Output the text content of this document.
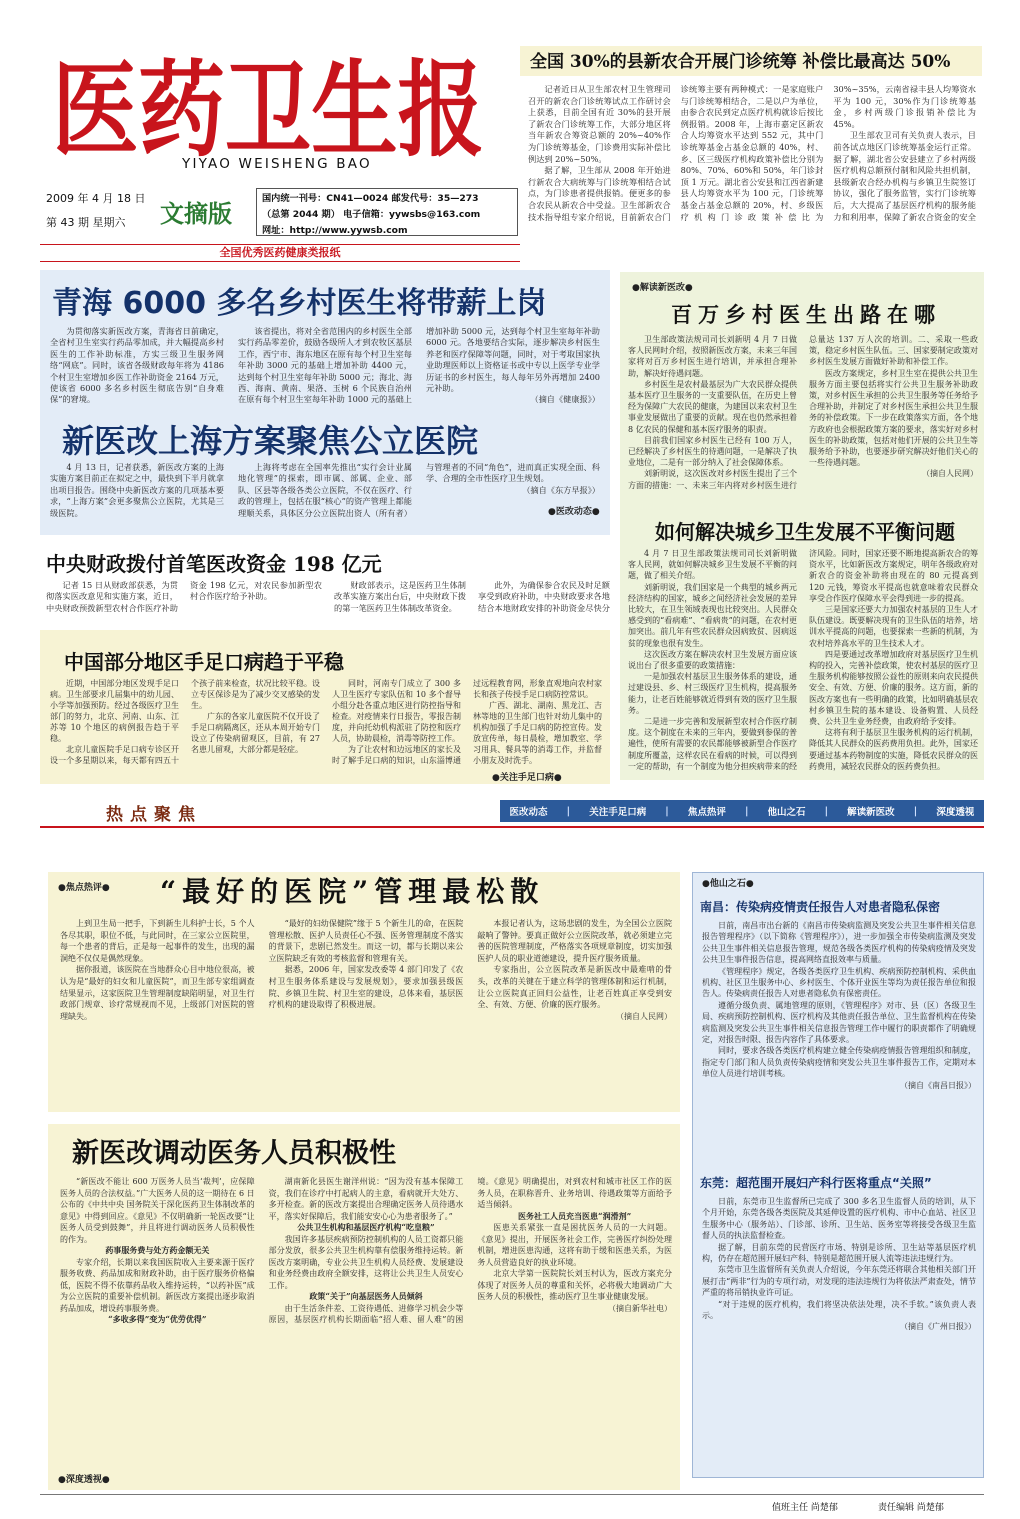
医药卫生报
YIYAO WEISHENG BAO
2009 年 4 月 18 日
第 43 期 星期六 文摘版
国内统一刊号：CN41—0024 邮发代号：35—273
（总第 2044 期） 电子信箱：yywsbs@163.com
网址：http://www.yywsb.com
全国优秀医药健康类报纸
全国 30%的县新农合开展门诊统筹 补偿比最高达 50%

记者近日从卫生部农村卫生管理司召开的新农合门诊统筹试点工作研讨会上获悉，目前全国有近 30%的县开展了新农合门诊统筹工作，大部分地区将当年新农合筹资总额的 20%~40%作为门诊统筹基金，门诊费用实际补偿比例达到 20%~50%。

据了解，卫生部从 2008 年开始进行新农合大病统筹与门诊统筹相结合试点，为门诊患者提供报销。便更多的参合农民从新农合中受益。卫生部新农合技术指导组专家介绍说，目前新农合门诊统筹主要有两种模式：一是家庭账户与门诊统筹相结合，二是以户为单位，由参合农民到定点医疗机构就诊后按比例报销。2008 年，上海市嘉定区新农合人均筹资水平达到 552 元，其中门诊统筹基金占基金总额的 40%，村、乡、区三级医疗机构政策补偿比分别为 80%、70%、60%和 50%，年门诊封顶 1 万元。湖北省公安县和江西省新建县人均筹资水平为 100 元，门诊统筹基金占基金总额的 20%，村、乡级医疗机构门诊政策补偿比为 30%~35%，云南省禄丰县人均筹资水平为 100 元，30%作为门诊统筹基金，乡村两级门诊报销补偿比为 45%。

卫生部农卫司有关负责人表示，目前各试点地区门诊统筹基金运行正常。据了解，湖北省公安县建立了乡村两级医疗机构总额预付制和风险共担机制，县级新农合经办机构与乡镇卫生院签订协议，强化了服务监管，实行门诊统筹后，大大提高了基层医疗机构的服务能力和利用率，保障了新农合资金的安全

青海 6000 多名乡村医生将带薪上岗

为贯彻落实新医改方案，青海省日前确定，全省村卫生室实行药品零加成，并大幅提高乡村医生的工作补助标准，方实三级卫生服务网络“网底”。同时，该省各级财政每年将为 4186 个村卫生室增加乡医工作补助资金 2164 万元，使该省 6000 多名乡村医生彻底告别“自身难保”的窘境。

该省提出，将对全省范围内的乡村医生全部实行药品零差价，鼓励各级所人才到农牧区基层工作，西宁市、海东地区在原有每个村卫生室每年补助 3000 元的基础上增加补助 4400 元，达到每个村卫生室每年补助 5000 元；海北、海西、海南、黄南、果洛、玉树 6 个民族自治州在原有每个村卫生室每年补助 1000 元的基础上增加补助 5000 元，达到每个村卫生室每年补助 6000 元。各地要结合实际，逐步解决乡村医生养老和医疗保障等问题，同时，对于考取国家执业助理医师以上资格证书或中专以上医学专业学历证书的乡村医生，每人每年另外再增加 2400 元补助。

（摘自《健康报》）

新医改上海方案聚焦公立医院

4 月 13 日，记者获悉，新医改方案的上海实施方案目前正在拟定之中，最快到下半月就拿出项目报告。围绕中央新医改方案的几项基本要求，“上海方案”会更多聚焦公立医院，尤其是三级医院。

上海将考虑在全国率先推出“实行会计业属地化管理”的探索，即市属、部属、企业、部队、区县等各级各类公立医院，不仅在医疗、行政的管理上，包括在服“核心”的资产管理上都能理顺关系，具体区分公立医院出资人（所有者）与管理者的不同“角色”，进而真正实现全面、科学、合理的全市性医疗卫生规划。

（摘自《东方早报》）

●医改动态●
中央财政拨付首笔医改资金 198 亿元

记者 15 日从财政部获悉，为贯彻落实医改意见和实施方案，近日，中央财政预拨新型农村合作医疗补助资金 198 亿元，对农民参加新型农村合作医疗给予补助。

财政部表示，这是医药卫生体制改革实施方案出台后，中央财政下拨的第一笔医药卫生体制改革资金。

此外，为确保参合农民及时足额享受到政府补助，中央财政要求各地结合本地财政安排的补助资金尽快分

中国部分地区手足口病趋于平稳

近期，中国部分地区发现手足口病。卫生部要求几届集中的幼儿园、小学等加强预防。经过各级医疗卫生部门的努力，北京、河南、山东、江苏等 10 个地区的病例报告趋于平稳。

北京儿童医院手足口病专诊区开设一个多星期以来，每天都有四五十个孩子前来检查，状况比较平稳。设立专区保诊是为了减少交叉感染的发生。

广东的各家儿童医院不仅开设了手足口病隔离区，还从本周开始专门设立了传染病留观区，目前，有 27 名患儿留观，大部分都是轻症。

同时，河南专门成立了 300 多人卫生医疗专家队伍和 10 多个督导小组分赴各重点地区进行防控指导和检查。对疫情来行日报告，零报告制度，并向托幼机构派驻了防控和医疗人员，协助晨检，消毒等防控工作。

为了让农村和边远地区的家长及时了解手足口病的知识，山东淄博通过远程教育网，形象直观地向农村家长和孩子传授手足口病防控常识。

广西、湖北、湖南、黑龙江、吉林等地的卫生部门也针对幼儿集中的机构加强了手足口病的防控宣传。发放宣传单，每日晨检，增加教室、学习用具、餐具等的消毒工作，并监督小朋友及时洗手。

●关注手足口病●
●解读新医改●
百万乡村医生出路在哪

卫生部政策法规司司长刘新明 4 月 7 日做客人民网时介绍，按照新医改方案，未来三年国家将对百万乡村医生进行培训，并承担合理补助，解决好待遇问题。

乡村医生是农村最基层为广大农民群众提供基本医疗卫生服务的一支重要队伍，在历史上曾经为保障广大农民的健康，为建国以来农村卫生事业发展做出了重要的贡献。现在也仍然承担着 8 亿农民的保健和基本医疗服务的职责。

目前我们国家乡村医生已经有 100 万人，已经解决了乡村医生的待遇问题，一是解决了执业地位，二是有一部分纳入了社会保障体系。

刘新明说，这次医改对乡村医生提出了三个方面的措施：一、未来三年内将对乡村医生进行总量达 137 万人次的培训。二、采取一些政策，稳定乡村医生队伍。三、国家要制定政策对乡村医生发展方面做好补助和补偿工作。

医改方案规定，乡村卫生室在提供公共卫生服务方面主要包括将实行公共卫生服务补助政策，对乡村医生承担的公共卫生服务等任务给予合理补助，并制定了对乡村医生承担公共卫生服务的补偿政策。下一步在政策落实方面，各个地方政府也会根据政策方案的要求，落实好对乡村医生的补助政策，包括对他们开展的公共卫生等服务给予补助，也要逐步研究解决好他们关心的一些待遇问题。

（摘自人民网）

如何解决城乡卫生发展不平衡问题

4 月 7 日卫生部政策法规司司长刘新明做客人民网，就如何解决城乡卫生发展不平衡的问题，做了相关介绍。

刘新明说，我们国家是一个典型的城乡两元经济结构的国家，城乡之间经济社会发展的差异比较大，在卫生领域表现也比较突出。人民群众感受到的“看病难”、“看病贵”的问题，在农村更加突出。前几年有些农民群众因病致贫、因病返贫的现象也很有发生。

这次医改方案在解决农村卫生发展方面应该说出台了很多重要的政策措施：

一是加强农村基层卫生服务体系的建设，通过建设县、乡、村三级医疗卫生机构，提高服务能力，让老百姓能够就近得到有效的医疗卫生服务。

二是进一步完善和发展新型农村合作医疗制度。这个制度在未来的三年内，要做到参保的普遍性，使所有需要的农民都能够被新型合作医疗制度所覆盖，这样农民在看病的时候，可以得到一定的帮助，有一个制度为他分担疾病带来的经济风险。同时，国家还要不断地提高新农合的筹资水平，比如新医改方案规定，明年各级政府对新农合的资金补助将由现在的 80 元提高到 120 元钱，筹资水平提高也就意味着农民群众享受合作医疗保障水平会得到进一步的提高。

三是国家还要大力加强农村基层的卫生人才队伍建设。既要解决现有的卫生队伍的培养，培训水平提高的问题，也要探索一些新的机制，为农村培养高水平的卫生技术人才。

四是要通过改革增加政府对基层医疗卫生机构的投入，完善补偿政策，使农村基层的医疗卫生服务机构能够按照公益性的原则来向农民提供安全、有效、方便、价廉的服务。这方面，新的医改方案也有一些明确的政策，比如明确基层农村乡镇卫生院的基本建设、设备购置、人员经费、公共卫生业务经费，由政府给予安排。

这将有利于基层卫生服务机构的运行机制，降低其人民群众的医药费用负担。此外，国家还要通过基本药物制度的实施，降低农民群众的医药费用，减轻农民群众的医药费负担。

热点聚焦	医改动态 | 关注手足口病 | 焦点热评 | 他山之石 | 解读新医改 | 深度透视
●焦点热评● “最好的医院”管理最松散

上到卫生局一把手，下到新生儿科护士长，5 个人各尽其职，职位不低，与此同时，在三家公立医院里，每一个患者的背后，正是每一起事件的发生，出现的漏洞绝不仅仅是偶然现象。

据你报道，该医院在当地群众心目中地位很高，被认为是“最好的妇女和儿童医院”，而卫生部专家组调查结果显示，这家医院卫生管理制度缺陷明显，对卫生行政部门规章、诊疗常规视而不见，上级部门对医院的管理缺失。

“最好的妇幼保健院”缘于 5 个新生儿的命，在医院管理松散、医护人员责任心不强、医务管理制度不落实的背景下，悲剧已然发生。而这一切，都与长期以来公立医院缺乏有效的考核监督和管理有关。

据悉，2006 年，国家发改委等 4 部门印发了《农村卫生服务体系建设与发展规划》，要求加强县级医院、乡镇卫生院、村卫生室的建设，总体来看，基层医疗机构的建设取得了积极进展。

本报记者认为，这场悲剧的发生，为全国公立医院敲响了警钟。要真正做好公立医院改革，就必须建立完善的医院管理制度，严格落实各项规章制度，切实加强医护人员的职业道德建设，提升医疗服务质量。

专家指出，公立医院改革是新医改中最难啃的骨头，改革的关键在于建立科学的管理体制和运行机制，让公立医院真正回归公益性，让老百姓真正享受到安全、有效、方便、价廉的医疗服务。

（摘自人民网）

新医改调动医务人员积极性

“新医改不能让 600 万医务人员当‘裁判’，应保障医务人员的合法权益。”广大医务人员的这一期待在 6 日公布的《中共中央 国务院关于深化医药卫生体制改革的意见》中得到回应。《意见》不仅明确新一轮医改要“让医务人员受到鼓舞”，并且将进行调动医务人员积极性的作为。

药事服务费与处方药金额无关

专家介绍，长期以来我国医院收入主要来源于医疗服务收费、药品加成和财政补助，由于医疗服务价格偏低，医院不得不依靠药品收入维持运转，“以药补医”成为公立医院的重要补偿机制。新医改方案提出逐步取消药品加成，增设药事服务费。

“多收多得”变为“优劳优得”

湖南新化县医生谢洋州说：“因为没有基本保障工资，我们在诊疗中打起病人的主意，看病就开大处方、多开检查。新的医改方案提出合理确定医务人员待遇水平，落实好保障后，我们能安安心心为患者服务了。”

公共卫生机构和基层医疗机构“吃皇粮”

我国许多基层疾病预防控制机构的人员工资都只能部分发放，很多公共卫生机构靠有偿服务维持运转。新医改方案明确，专业公共卫生机构人员经费、发展建设和业务经费由政府全额安排，这将让公共卫生人员安心工作。

政策“关于”向基层医务人员倾斜

由于生活条件差、工资待遇低、进修学习机会少等原因，基层医疗机构长期面临“招人难、留人难”的困境。《意见》明确提出，对到农村和城市社区工作的医务人员，在职称晋升、业务培训、待遇政策等方面给予适当倾斜。

医务社工人员充当医患“润滑剂”

医患关系紧张一直是困扰医务人员的一大问题。《意见》提出，开展医务社会工作，完善医疗纠纷处理机制，增进医患沟通，这将有助于缓和医患关系，为医务人员营造良好的执业环境。

北京大学第一医院院长刘玉村认为，医改方案充分体现了对医务人员的尊重和关怀，必将极大地调动广大医务人员的积极性，推动医疗卫生事业健康发展。

（摘自新华社电）

●深度透视●
●他山之石●
南昌：传染病疫情责任报告人对患者隐私保密

日前，南昌市出台新的《南昌市传染病监测及突发公共卫生事件相关信息报告管理程序》（以下简称《管理程序》），进一步加强全市传染病监测及突发公共卫生事件相关信息报告管理，规范各级各类医疗机构的传染病疫情及突发公共卫生事件报告信息，提高网络直报效率与质量。

《管理程序》规定，各级各类医疗卫生机构、疾病预防控制机构、采供血机构、社区卫生服务中心、乡村医生、个体开业医生等均为责任报告单位和报告人。传染病责任报告人对患者隐私负有保密责任。

遵循分级负责、属地管理的原则，《管理程序》对市、县（区）各级卫生局、疾病预防控制机构、医疗机构及其他责任报告单位、卫生监督机构在传染病监测及突发公共卫生事件相关信息报告管理工作中履行的职责都作了明确规定，对报告时限、报告内容作了具体要求。

同时，要求各级各类医疗机构建立健全传染病疫情报告管理组织和制度，指定专门部门和人员负责传染病疫情和突发公共卫生事件报告工作，定期对本单位人员进行培训考核。

（摘自《南昌日报》）

东莞：超范围开展妇产科行医将重点“关照”

日前，东莞市卫生监督所已完成了 300 多名卫生监督人员的培训，从下个月开始，东莞各级各类医院及其延伸设置的医疗机构、市中心血站、社区卫生服务中心（服务站）、门诊部、诊所、卫生站、医务室等将接受各级卫生监督人员的执法监督检查。

据了解，目前东莞的民营医疗市场、特别是诊所、卫生站等基层医疗机构，仍存在超范围开展妇产科、特别是超范围开展人流等违法违规行为。

东莞市卫生监督所有关负责人介绍说，今年东莞还将联合其他相关部门开展打击“两非”行为的专项行动，对发现的违法违规行为将依法严肃查处，情节严重的将吊销执业许可证。

“对于违规的医疗机构，我们将坚决依法处理，决不手软。”该负责人表示。

（摘自《广州日报》）

值班主任 尚楚郁	责任编辑 尚楚郁
